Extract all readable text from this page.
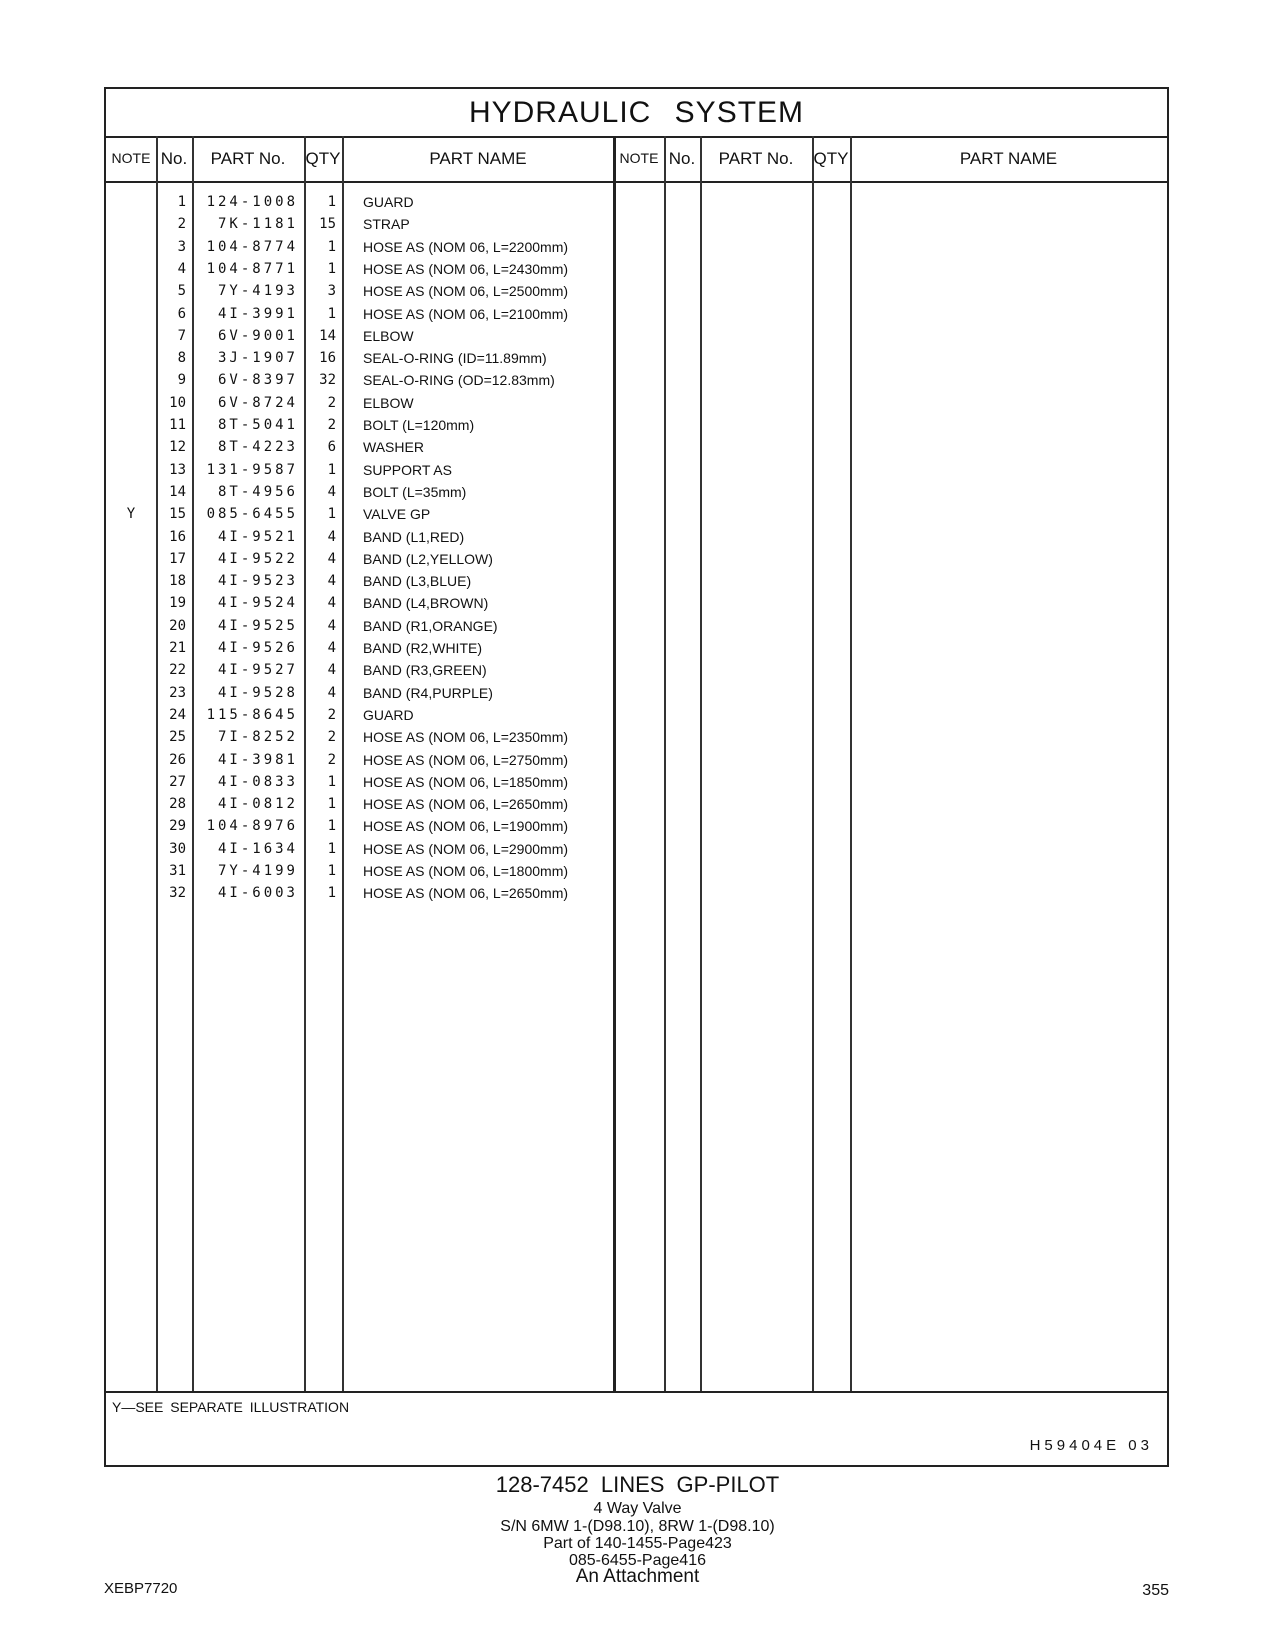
HYDRAULIC SYSTEM
NOTE No.	PART No.	QTY	PART NAME	NOTE No.	PART No.	QTY	PART NAME
1	124-1008	1 GUARD
2	7K-1181	15 STRAP
3	104-8774	1 HOSE AS (NOM 06, L=2200mm)
4	104-8771	1 HOSE AS (NOM 06, L=2430mm)
5	7Y-4193	3 HOSE AS (NOM 06, L=2500mm)
6	4I-3991	1 HOSE AS (NOM 06, L=2100mm)
7	6V-9001	14 ELBOW
8	3J-1907	16 SEAL-O-RING (ID=11.89mm)
9	6V-8397	32 SEAL-O-RING (OD=12.83mm)
10	6V-8724	2 ELBOW
11	8T-5041	2 BOLT (L=120mm)
12	8T-4223	6 WASHER
13	131-9587	1 SUPPORT AS
14	8T-4956	4 BOLT (L=35mm)
Y	15	085-6455	1 VALVE GP
16	4I-9521	4 BAND (L1,RED)
17	4I-9522	4 BAND (L2,YELLOW)
18	4I-9523	4 BAND (L3,BLUE)
19	4I-9524	4 BAND (L4,BROWN)
20	4I-9525	4 BAND (R1,ORANGE)
21	4I-9526	4 BAND (R2,WHITE)
22	4I-9527	4 BAND (R3,GREEN)
23	4I-9528	4 BAND (R4,PURPLE)
24	115-8645	2 GUARD
25	7I-8252	2 HOSE AS (NOM 06, L=2350mm)
26	4I-3981	2 HOSE AS (NOM 06, L=2750mm)
27	4I-0833	1 HOSE AS (NOM 06, L=1850mm)
28	4I-0812	1 HOSE AS (NOM 06, L=2650mm)
29	104-8976	1 HOSE AS (NOM 06, L=1900mm)
30	4I-1634	1 HOSE AS (NOM 06, L=2900mm)
31	7Y-4199	1 HOSE AS (NOM 06, L=1800mm)
32	4I-6003	1 HOSE AS (NOM 06, L=2650mm)
Y—SEE SEPARATE ILLUSTRATION
H59404E 03
128-7452 LINES GP-PILOT
4 Way Valve
S/N 6MW 1-(D98.10), 8RW 1-(D98.10)
Part of 140-1455-Page423
085-6455-Page416
An Attachment
XEBP7720	355
